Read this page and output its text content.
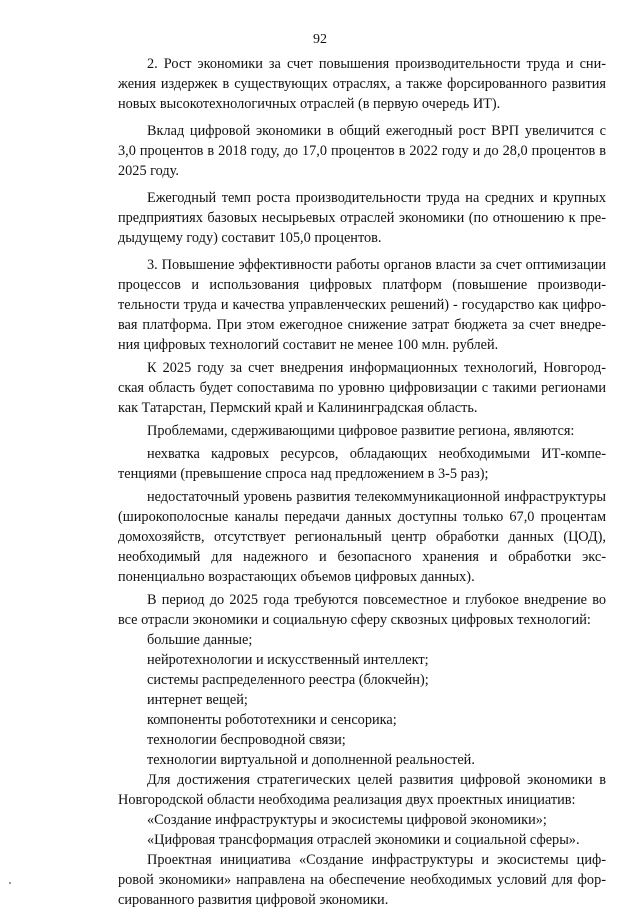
92

2. Рост экономики за счет повышения производительности труда и снижения издержек в существующих отраслях, а также форсированного развития новых высокотехнологичных отраслей (в первую очередь ИТ).

Вклад цифровой экономики в общий ежегодный рост ВРП увеличится с 3,0 процентов в 2018 году, до 17,0 процентов в 2022 году и до 28,0 процентов в 2025 году.

Ежегодный темп роста производительности труда на средних и крупных предприятиях базовых несырьевых отраслей экономики (по отношению к предыдущему году) составит 105,0 процентов.

3. Повышение эффективности работы органов власти за счет оптимизации процессов и использования цифровых платформ (повышение производительности труда и качества управленческих решений) - государство как цифровая платформа. При этом ежегодное снижение затрат бюджета за счет внедрения цифровых технологий составит не менее 100 млн. рублей.

К 2025 году за счет внедрения информационных технологий, Новгородская область будет сопоставима по уровню цифровизации с такими регионами как Татарстан, Пермский край и Калининградская область.

Проблемами, сдерживающими цифровое развитие региона, являются:

нехватка кадровых ресурсов, обладающих необходимыми ИТ-компетенциями (превышение спроса над предложением в 3-5 раз);

недостаточный уровень развития телекоммуникационной инфраструктуры (широкополосные каналы передачи данных доступны только 67,0 процентам домохозяйств, отсутствует региональный центр обработки данных (ЦОД), необходимый для надежного и безопасного хранения и обработки экспоненциально возрастающих объемов цифровых данных).

В период до 2025 года требуются повсеместное и глубокое внедрение во все отрасли экономики и социальную сферу сквозных цифровых технологий:

большие данные;

нейротехнологии и искусственный интеллект;

системы распределенного реестра (блокчейн);

интернет вещей;

компоненты робототехники и сенсорика;

технологии беспроводной связи;

технологии виртуальной и дополненной реальностей.

Для достижения стратегических целей развития цифровой экономики в Новгородской области необходима реализация двух проектных инициатив:

«Создание инфраструктуры и экосистемы цифровой экономики»;

«Цифровая трансформация отраслей экономики и социальной сферы».

Проектная инициатива «Создание инфраструктуры и экосистемы цифровой экономики» направлена на обеспечение необходимых условий для форсированного развития цифровой экономики.
